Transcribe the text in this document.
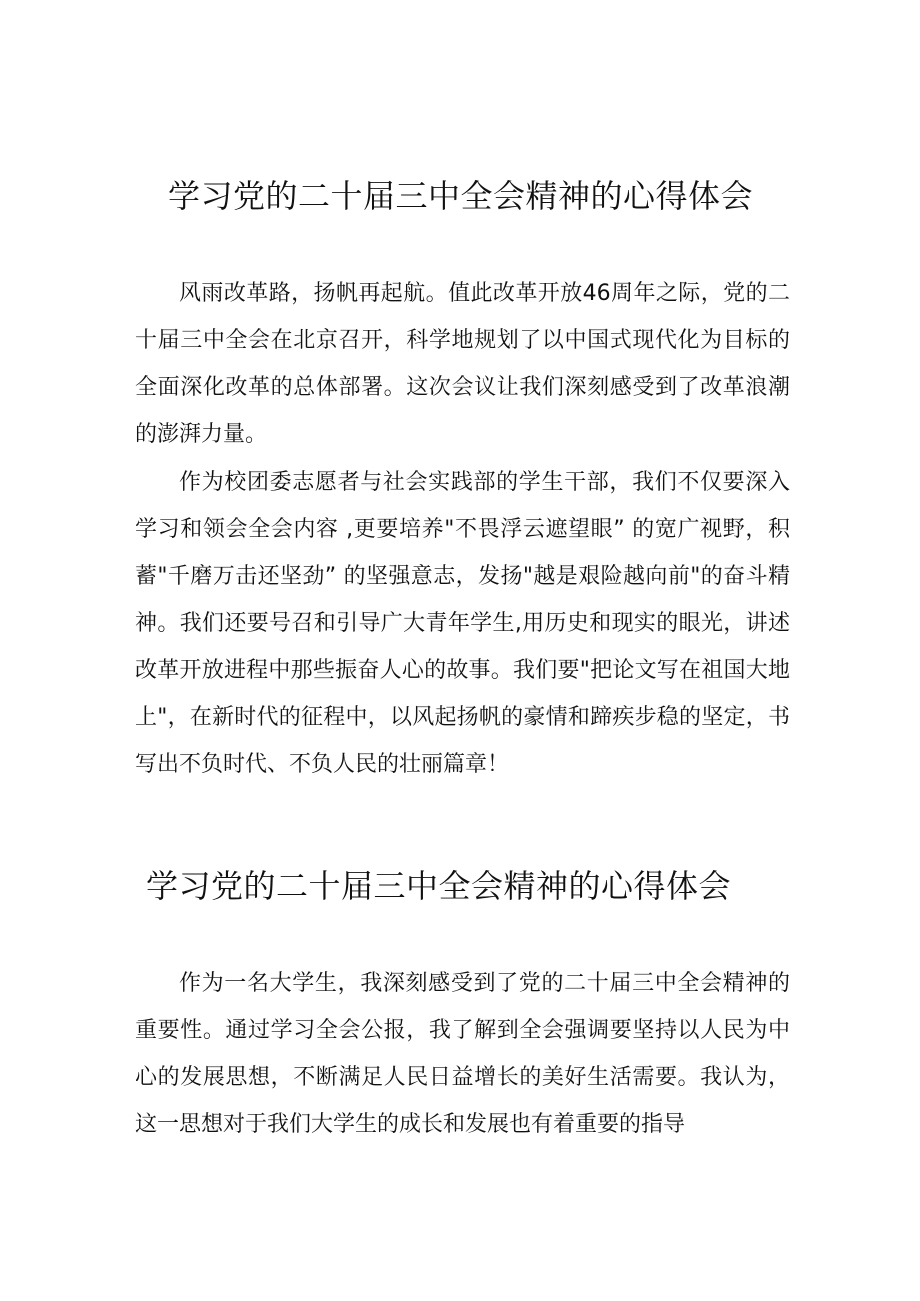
学习党的二十届三中全会精神的心得体会

风雨改革路，扬帆再起航。值此改革开放46周年之际，党的二十届三中全会在北京召开，科学地规划了以中国式现代化为目标的全面深化改革的总体部署。这次会议让我们深刻感受到了改革浪潮的澎湃力量。

作为校团委志愿者与社会实践部的学生干部，我们不仅要深入学习和领会全会内容 ,更要培养"不畏浮云遮望眼” 的宽广视野，积蓄"千磨万击还坚劲” 的坚强意志，发扬"越是艰险越向前"的奋斗精神。我们还要号召和引导广大青年学生,用历史和现实的眼光，讲述改革开放进程中那些振奋人心的故事。我们要"把论文写在祖国大地上"，在新时代的征程中，以风起扬帆的豪情和蹄疾步稳的坚定，书写出不负时代、不负人民的壮丽篇章！

学习党的二十届三中全会精神的心得体会

作为一名大学生，我深刻感受到了党的二十届三中全会精神的重要性。通过学习全会公报，我了解到全会强调要坚持以人民为中心的发展思想，不断满足人民日益增长的美好生活需要。我认为，这一思想对于我们大学生的成长和发展也有着重要的指导
